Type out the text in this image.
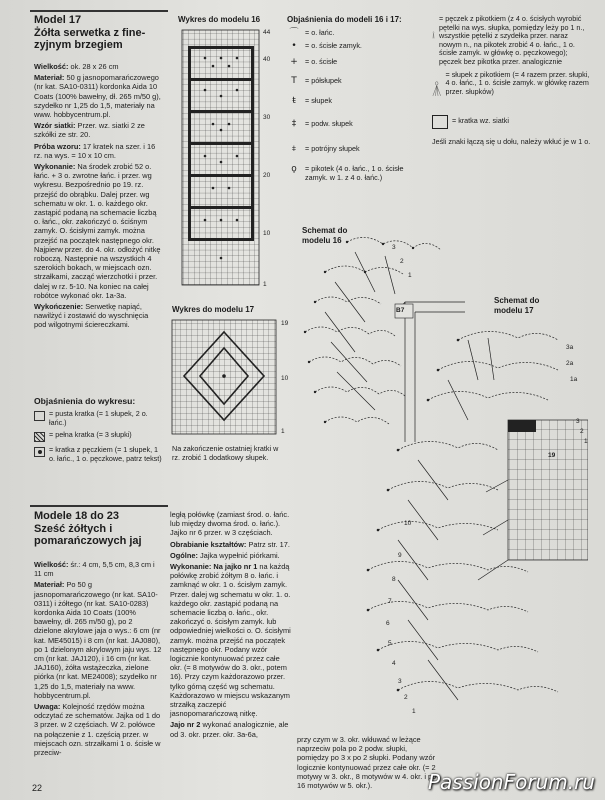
Model 17
Żółta serwetka z fine-zyjnym brzegiem

Wielkość: ok. 28 x 26 cm

Materiał: 50 g jasnopomarańczowego (nr kat. SA10-0311) kordonka Aida 10 Coats (100% bawełny, dł. 265 m/50 g), szydełko nr 1,25 do 1,5, materiały na www. hobbycentrum.pl.

Wzór siatki: Przer. wz. siatki 2 ze szkółki ze str. 20.

Próba wzoru: 17 kratek na szer. i 16 rz. na wys. = 10 x 10 cm.

Wykonanie: Na środek zrobić 52 o. łańc. + 3 o. zwrotne łańc. i przer. wg wykresu. Bezpośrednio po 19. rz. przejść do obrąbku. Dalej przer. wg schematu w okr. 1. o. każdego okr. zastąpić podaną na schemacie liczbą o. łańc., okr. zakończyć o. ściśnym zamyk. O. ścisłymi zamyk. można przejść na początek następnego okr. Najpierw przer. do 4. okr. odłożyć nitkę roboczą. Następnie na wszystkich 4 szerokich bokach, w miejscach ozn. strzałkami, zacząć wierzchotki i przer. dalej w rz. 5-10. Na koniec na całej robótce wykonać okr. 1a-3a.

Wykończenie: Serwetkę napiąć, nawilżyć i zostawić do wyschnięcia pod wilgotnymi ściereczkami.

Objaśnienia do wykresu:
= pusta kratka (= 1 słupek, 2 o. łańc.)
= pełna kratka (= 3 słupki)
= kratka z pęczkiem (= 1 słupek, 1 o. łańc., 1 o. pęczkowe, patrz tekst)
Modele 18 do 23
Sześć żółtych i pomarańczowych jaj

Wielkość: śr.: 4 cm, 5,5 cm, 8,3 cm i 11 cm

Materiał: Po 50 g jasnopomarańczowego (nr kat. SA10-0311) i żółtego (nr kat. SA10-0283) kordonka Aida 10 Coats (100% bawełny, dł. 265 m/50 g), po 2 dzielone akrylowe jaja o wys.: 6 cm (nr kat. ME45015) i 8 cm (nr kat. JAJ080), po 1 dzielonym akrylowym jaju wys. 12 cm (nr kat. JAJ120), i 16 cm (nr kat. JAJ160), żółta wstążeczka, zielone piórka (nr kat. ME24008); szydełko nr 1,25 do 1,5, materiały na www. hobbycentrum.pl.

Uwaga: Kolejność rzędów można odczytać ze schematów. Jajka od 1 do 3 przer. w 2 częściach. W 2. połówce na połączenie z 1. częścią przer. w miejscach ozn. strzałkami 1 o. ścisłe w przeciw-

22
Wykres do modelu 16
44
40
30
20
10
1
Wykres do modelu 17
19
10
1
Na zakończenie ostatniej kratki w rz. zrobić 1 dodatkowy słupek.

ległą połówkę (zamiast środ. o. łańc. lub między dwoma środ. o. łańc.). Jajko nr 6 przer. w 3 częściach.

Obrabianie kształtów: Patrz str. 17.

Ogólne: Jajka wypełnić piórkami.

Wykonanie: Na jajko nr 1 na każdą połówkę zrobić żółtym 8 o. łańc. i zamknąć w okr. 1 o. ścisłym zamyk. Przer. dalej wg schematu w okr. 1. o. każdego okr. zastąpić podaną na schemacie liczbą o. łańc., okr. zakończyć o. ścisłym zamyk. lub odpowiedniej wielkości o. O. ścisłymi zamyk. można przejść na początek następnego okr. Podany wzór logicznie kontynuować przez całe okr. (= 8 motywów do 3. okr., potem 16). Przy czym każdorazowo przer. tylko górną część wg schematu. Każdorazowo w miejscu wskazanym strzałką zaczepić jasnopomarańczową nitkę.

Jajo nr 2 wykonać analogicznie, ale od 3. okr. przer. okr. 3a-6a,

Objaśnienia do modeli 16 i 17:
⌒ = o. łańc.
•	= o. ścisłe zamyk.
+	= o. ścisłe
T	= półsłupek
ŧ	= słupek
‡	= podw. słupek
⧧	= potrójny słupek
ϙ	= pikotek (4 o. łańc., 1 o. ścisłe zamyk. w 1. z 4 o. łańc.)
= pęczek z pikotkiem (z 4 o. ścisłych wyrobić pętelki na wys. słupka, pomiędzy leży po 1 n., wszystkie pętelki z szydełka przer. naraz nowym n., na pikotek zrobić 4 o. łańc., 1 o. ścisłe zamyk. w główkę o. pęczkowego); pęczek bez pikotka przer. analogicznie
= słupek z pikotkiem (= 4 razem przer. słupki, 4 o. łańc., 1 o. ścisłe zamyk. w główkę razem przer. słupków)
= kratka wz. siatki
Jeśli znaki łączą się u dołu, należy wkłuć je w 1 o.
Schemat do modelu 16
3
2
1
B7
Schemat do modelu 17
3a
2a
1a
3
2
1
19
10
9
8
7
6
5
4
3
2
1
przy czym w 3. okr. wkłuwać w leżące naprzeciw pola po 2 podw. słupki, pomiędzy po 3 x po 2 słupki. Podany wzór logicznie kontynuować przez całe okr. (= 2 motywy w 3. okr., 8 motywów w 4. okr. i po 16 motywów w 5. okr.).	PassionForum.ru
